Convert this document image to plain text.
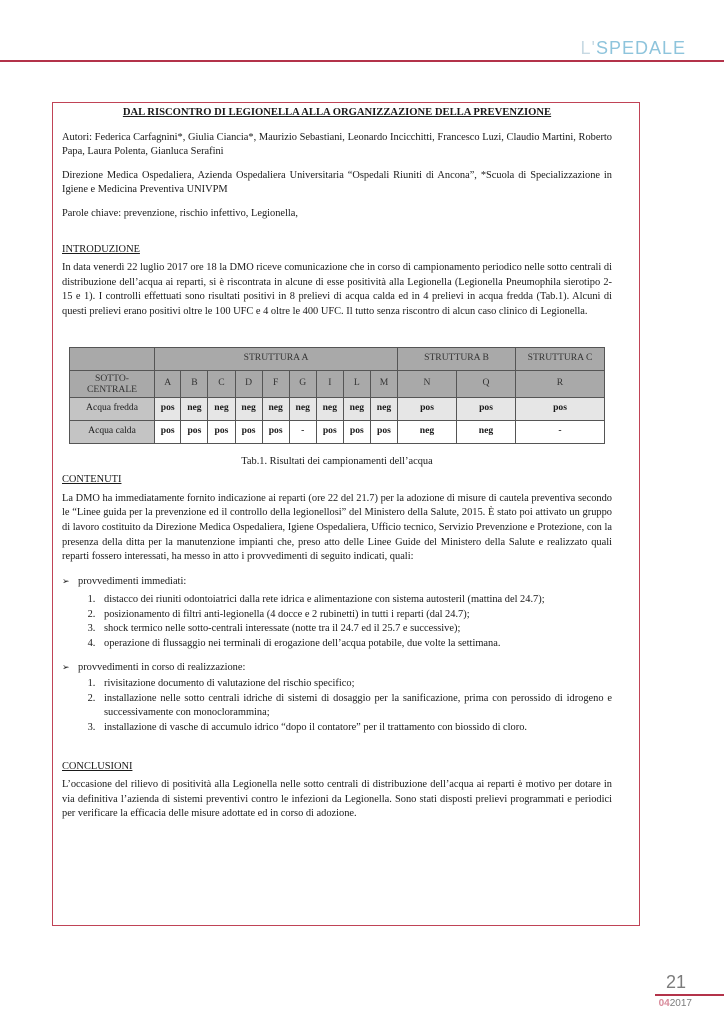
L'SPEDALE
DAL RISCONTRO DI LEGIONELLA ALLA ORGANIZZAZIONE DELLA PREVENZIONE

Autori: Federica Carfagnini*, Giulia Ciancia*, Maurizio Sebastiani, Leonardo Incicchitti, Francesco Luzi, Claudio Martini, Roberto Papa, Laura Polenta, Gianluca Serafini

Direzione Medica Ospedaliera, Azienda Ospedaliera Universitaria “Ospedali Riuniti di Ancona”, *Scuola di Specializzazione in Igiene e Medicina Preventiva UNIVPM

Parole chiave: prevenzione, rischio infettivo, Legionella,

INTRODUZIONE

In data venerdì 22 luglio 2017 ore 18 la DMO riceve comunicazione che in corso di campionamento periodico nelle sotto centrali di distribuzione dell’acqua ai reparti, si è riscontrata in alcune di esse positività alla Legionella (Legionella Pneumophila sierotipo 2-15 e 1). I controlli effettuati sono risultati positivi in 8 prelievi di acqua calda ed in 4 prelievi in acqua fredda (Tab.1). Alcuni di questi prelievi erano positivi oltre le 100 UFC e 4 oltre le 400 UFC. Il tutto senza riscontro di alcun caso clinico di Legionella.

	STRUTTURA A									STRUTTURA B		STRUTTURA C
SOTTO-CENTRALE	A	B	C	D	F	G	I	L	M	N	Q	R
Acqua fredda	pos	neg	neg	neg	neg	neg	neg	neg	neg	pos	pos	pos
Acqua calda	pos	pos	pos	pos	pos	-	pos	pos	pos	neg	neg	-
Tab.1. Risultati dei campionamenti dell’acqua
CONTENUTI

La DMO ha immediatamente fornito indicazione ai reparti (ore 22 del 21.7) per la adozione di misure di cautela preventiva secondo le “Linee guida per la prevenzione ed il controllo della legionellosi” del Ministero della Salute, 2015. È stato poi attivato un gruppo di lavoro costituito da Direzione Medica Ospedaliera, Igiene Ospedaliera, Ufficio tecnico, Servizio Prevenzione e Protezione, con la presenza della ditta per la manutenzione impianti che, preso atto delle Linee Guide del Ministero della Salute e realizzato quali reparti fossero interessati, ha messo in atto i provvedimenti di seguito indicati, quali:

➢ provvedimenti immediati:
1. distacco dei riuniti odontoiatrici dalla rete idrica e alimentazione con sistema autosteril (mattina del 24.7);
2. posizionamento di filtri anti-legionella (4 docce e 2 rubinetti) in tutti i reparti (dal 24.7);
3. shock termico nelle sotto-centrali interessate (notte tra il 24.7 ed il 25.7 e successive);
4. operazione di flussaggio nei terminali di erogazione dell’acqua potabile, due volte la settimana.
➢ provvedimenti in corso di realizzazione:
1. rivisitazione documento di valutazione del rischio specifico;
2. installazione nelle sotto centrali idriche di sistemi di dosaggio per la sanificazione, prima con perossido di idrogeno e successivamente con monoclorammina;
3. installazione di vasche di accumulo idrico “dopo il contatore” per il trattamento con biossido di cloro.
CONCLUSIONI

L’occasione del rilievo di positività alla Legionella nelle sotto centrali di distribuzione dell’acqua ai reparti è motivo per dotare in via definitiva l’azienda di sistemi preventivi contro le infezioni da Legionella. Sono stati disposti prelievi programmati e periodici per verificare la efficacia delle misure adottate ed in corso di adozione.

21
042017
